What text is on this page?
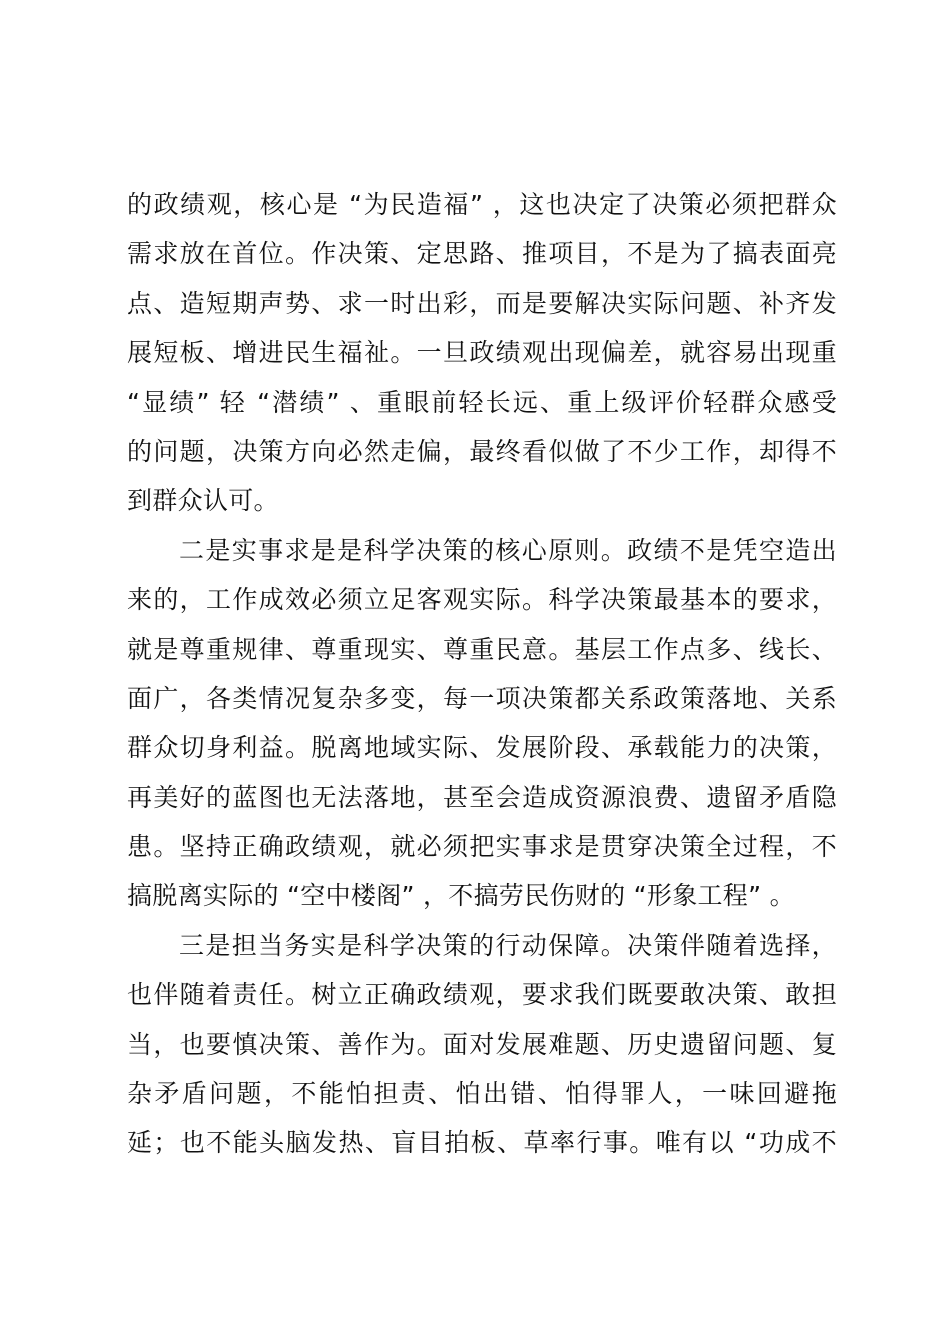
的政绩观，核心是 “为民造福” ，这也决定了决策必须把群众
需求放在首位。作决策、定思路、推项目，不是为了搞表面亮
点、造短期声势、求一时出彩，而是要解决实际问题、补齐发
展短板、增进民生福祉。一旦政绩观出现偏差，就容易出现重
“显绩” 轻 “潜绩” 、重眼前轻长远、重上级评价轻群众感受
的问题，决策方向必然走偏，最终看似做了不少工作，却得不
到群众认可。
二是实事求是是科学决策的核心原则。政绩不是凭空造出
来的，工作成效必须立足客观实际。科学决策最基本的要求，
就是尊重规律、尊重现实、尊重民意。基层工作点多、线长、
面广，各类情况复杂多变，每一项决策都关系政策落地、关系
群众切身利益。脱离地域实际、发展阶段、承载能力的决策，
再美好的蓝图也无法落地，甚至会造成资源浪费、遗留矛盾隐
患。坚持正确政绩观，就必须把实事求是贯穿决策全过程，不
搞脱离实际的 “空中楼阁” ，不搞劳民伤财的 “形象工程” 。
三是担当务实是科学决策的行动保障。决策伴随着选择，
也伴随着责任。树立正确政绩观，要求我们既要敢决策、敢担
当，也要慎决策、善作为。面对发展难题、历史遗留问题、复
杂矛盾问题，不能怕担责、怕出错、怕得罪人，一味回避拖
延；也不能头脑发热、盲目拍板、草率行事。唯有以 “功成不
